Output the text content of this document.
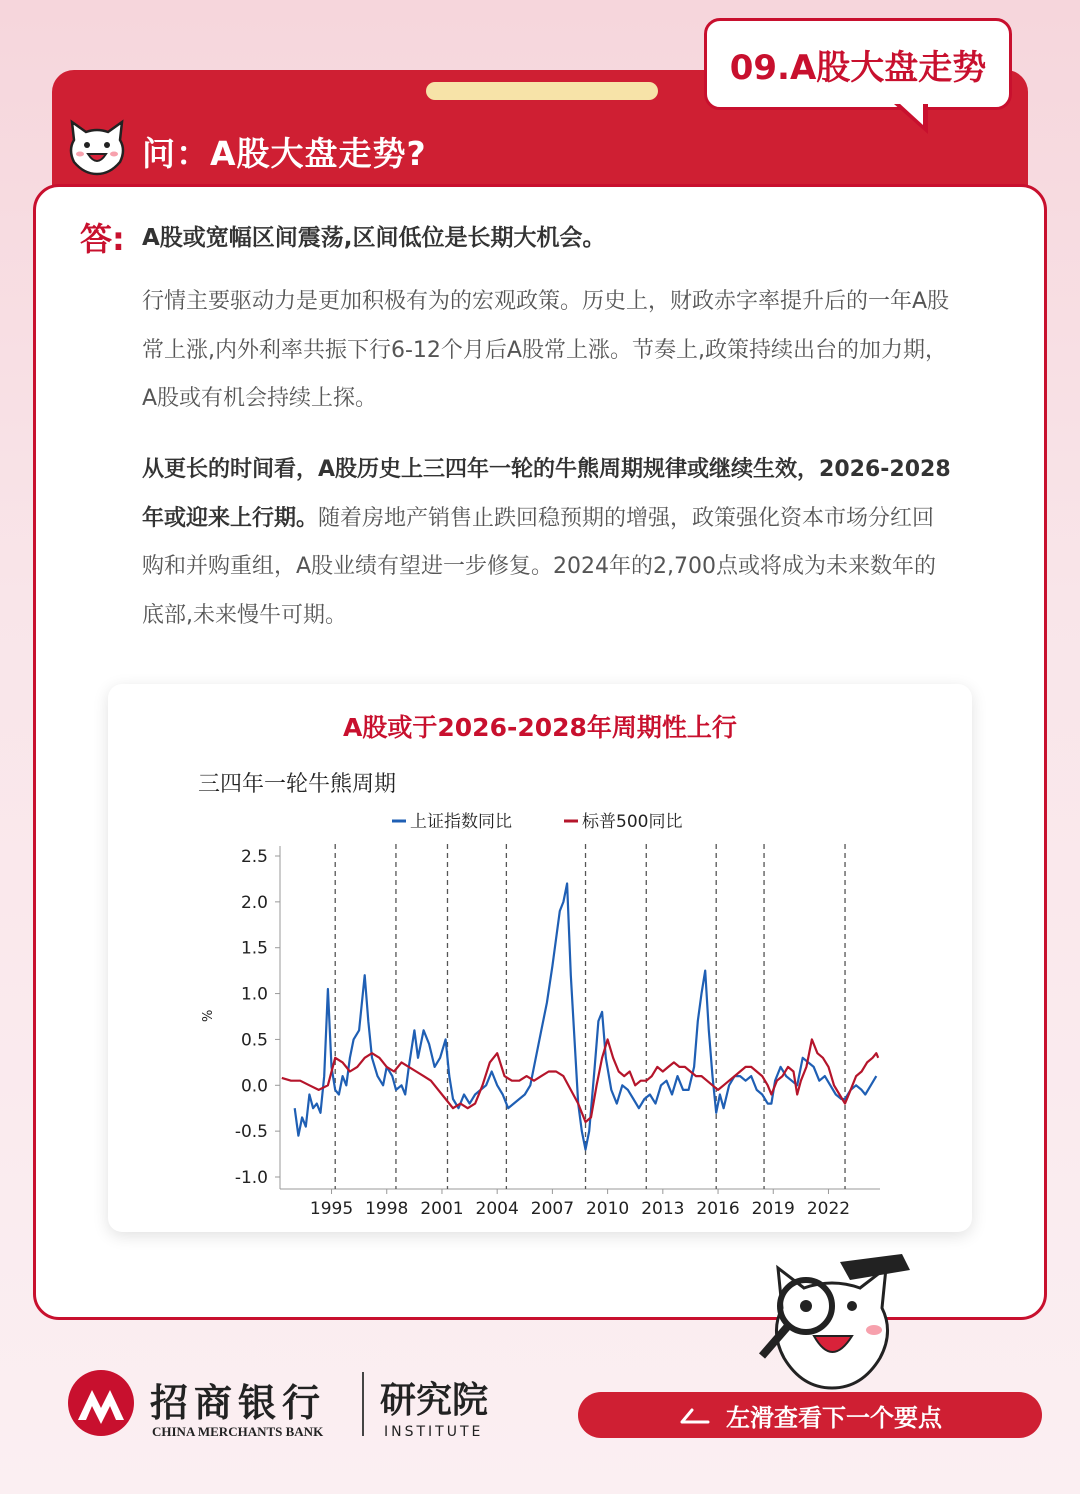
09.A股大盘走势
问：A股大盘走势?
答: A股或宽幅区间震荡,区间低位是长期大机会。
行情主要驱动力是更加积极有为的宏观政策。历史上，财政赤字率提升后的一年A股常上涨,内外利率共振下行6-12个月后A股常上涨。节奏上,政策持续出台的加力期，A股或有机会持续上探。
从更长的时间看，A股历史上三四年一轮的牛熊周期规律或继续生效，2026-2028年或迎来上行期。随着房地产销售止跌回稳预期的增强，政策强化资本市场分红回购和并购重组，A股业绩有望进一步修复。2024年的2,700点或将成为未来数年的底部,未来慢牛可期。
A股或于2026-2028年周期性上行
三四年一轮牛熊周期
上证指数同比	标普500同比
%
2.5
2.0
1.5
1.0
0.5
0.0
-0.5
-1.0
1995 1998 2001 2004 2007 2010 2013 2016 2019 2022
招商银行
CHINA MERCHANTS BANK
研究院
INSTITUTE
左滑查看下一个要点
